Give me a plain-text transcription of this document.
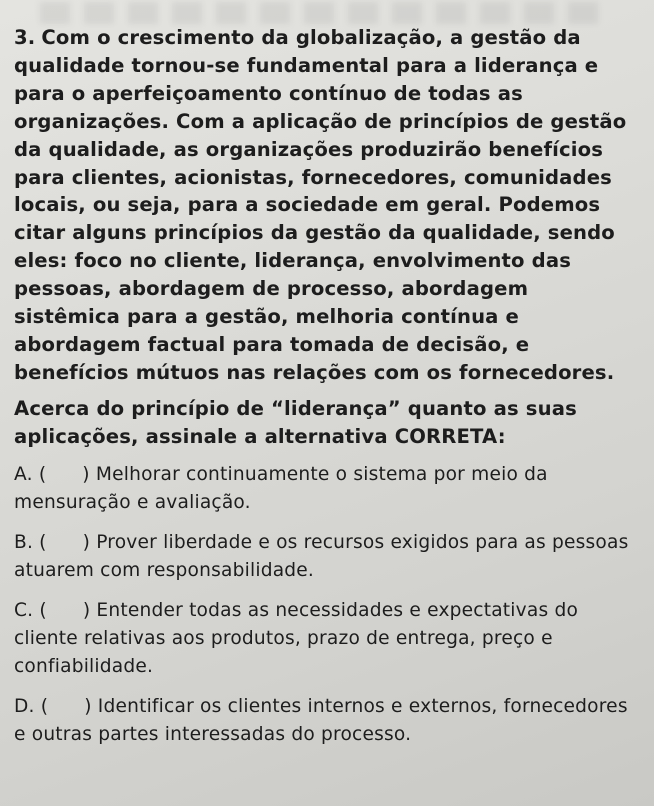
3. Com o crescimento da globalização, a gestão da qualidade tornou-se fundamental para a liderança e para o aperfeiçoamento contínuo de todas as organizações. Com a aplicação de princípios de gestão da qualidade, as organizações produzirão benefícios para clientes, acionistas, fornecedores, comunidades locais, ou seja, para a sociedade em geral. Podemos citar alguns princípios da gestão da qualidade, sendo eles: foco no cliente, liderança, envolvimento das pessoas, abordagem de processo, abordagem sistêmica para a gestão, melhoria contínua e abordagem factual para tomada de decisão, e benefícios mútuos nas relações com os fornecedores.

Acerca do princípio de “liderança” quanto as suas aplicações, assinale a alternativa CORRETA:

A. ( ) Melhorar continuamente o sistema por meio da mensuração e avaliação.
B. ( ) Prover liberdade e os recursos exigidos para as pessoas atuarem com responsabilidade.
C. ( ) Entender todas as necessidades e expectativas do cliente relativas aos produtos, prazo de entrega, preço e confiabilidade.
D. ( ) Identificar os clientes internos e externos, fornecedores e outras partes interessadas do processo.
